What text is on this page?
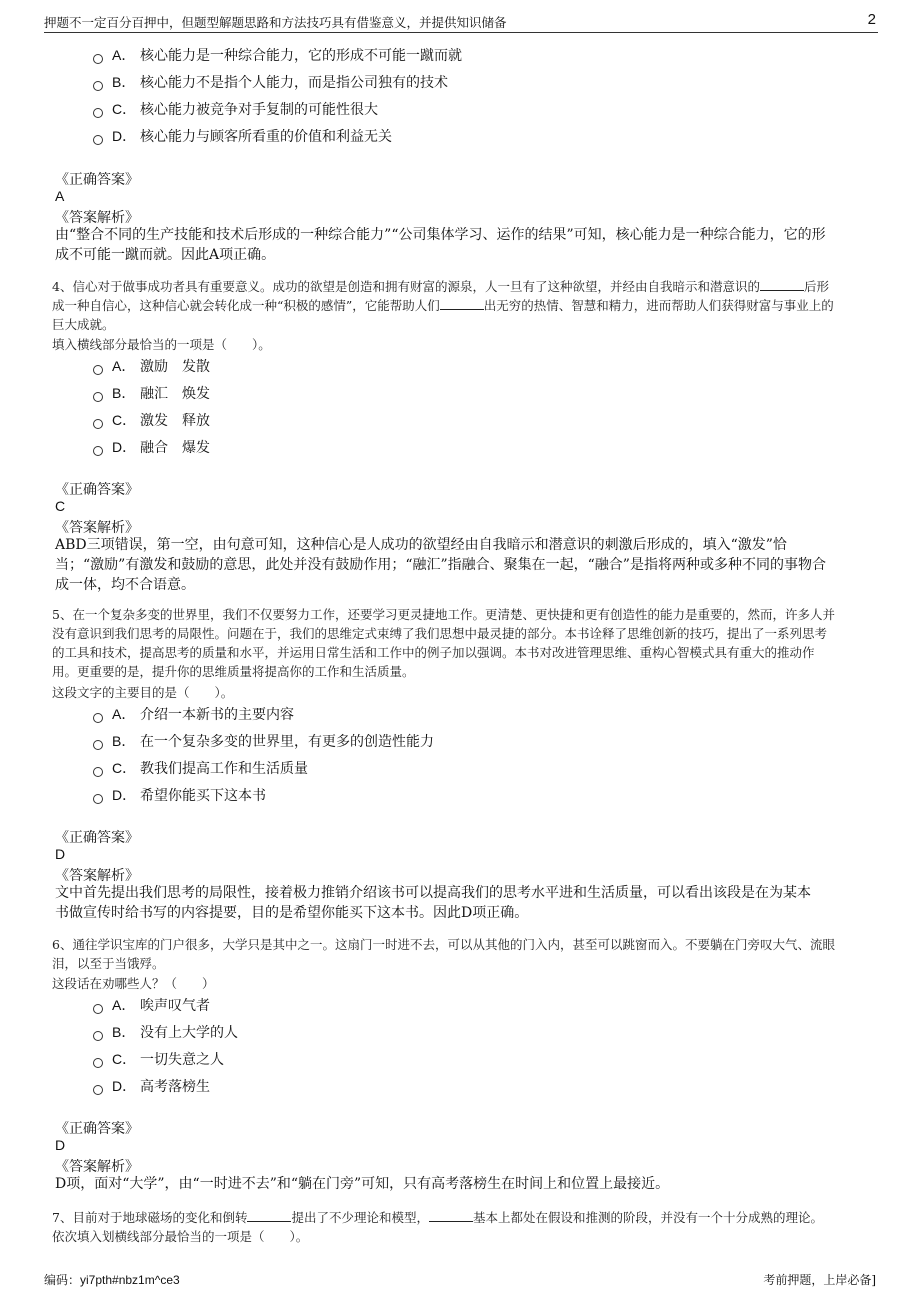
押题不一定百分百押中，但题型解题思路和方法技巧具有借鉴意义，并提供知识储备	2
A． 核心能力是一种综合能力，它的形成不可能一蹴而就
B． 核心能力不是指个人能力，而是指公司独有的技术
C． 核心能力被竞争对手复制的可能性很大
D． 核心能力与顾客所看重的价值和利益无关
《正确答案》
A
《答案解析》
由“整合不同的生产技能和技术后形成的一种综合能力”“公司集体学习、运作的结果”可知，核心能力是一种综合能力，它的形
成不可能一蹴而就。因此A项正确。
4、信心对于做事成功者具有重要意义。成功的欲望是创造和拥有财富的源泉，人一旦有了这种欲望，并经由自我暗示和潜意识的	后形
成一种自信心，这种信心就会转化成一种“积极的感情”，它能帮助人们	出无穷的热情、智慧和精力，进而帮助人们获得财富与事业上的
巨大成就。
填入横线部分最恰当的一项是（　　）。
A． 激励　发散
B． 融汇　焕发
C． 激发　释放
D． 融合　爆发
《正确答案》
C
《答案解析》
ABD三项错误，第一空，由句意可知，这种信心是人成功的欲望经由自我暗示和潜意识的刺激后形成的，填入“激发”恰
当；“激励”有激发和鼓励的意思，此处并没有鼓励作用；“融汇”指融合、聚集在一起，“融合”是指将两种或多种不同的事物合
成一体，均不合语意。
5、在一个复杂多变的世界里，我们不仅要努力工作，还要学习更灵捷地工作。更清楚、更快捷和更有创造性的能力是重要的，然而，许多人并
没有意识到我们思考的局限性。问题在于，我们的思维定式束缚了我们思想中最灵捷的部分。本书诠释了思维创新的技巧，提出了一系列思考
的工具和技术，提高思考的质量和水平，并运用日常生活和工作中的例子加以强调。本书对改进管理思维、重构心智模式具有重大的推动作
用。更重要的是，提升你的思维质量将提高你的工作和生活质量。
这段文字的主要目的是（　　）。
A． 介绍一本新书的主要内容
B． 在一个复杂多变的世界里，有更多的创造性能力
C． 教我们提高工作和生活质量
D． 希望你能买下这本书
《正确答案》
D
《答案解析》
文中首先提出我们思考的局限性，接着极力推销介绍该书可以提高我们的思考水平进和生活质量，可以看出该段是在为某本
书做宣传时给书写的内容提要，目的是希望你能买下这本书。因此D项正确。
6、通往学识宝库的门户很多，大学只是其中之一。这扇门一时进不去，可以从其他的门入内，甚至可以跳窗而入。不要躺在门旁叹大气、流眼
泪，以至于当饿殍。
这段话在劝哪些人？（　　）
A． 唉声叹气者
B． 没有上大学的人
C． 一切失意之人
D． 高考落榜生
《正确答案》
D
《答案解析》
D项，面对“大学”，由“一时进不去”和“躺在门旁”可知，只有高考落榜生在时间上和位置上最接近。
7、目前对于地球磁场的变化和倒转	提出了不少理论和模型，	基本上都处在假设和推测的阶段，并没有一个十分成熟的理论。
依次填入划横线部分最恰当的一项是（　　）。
编码：yi7pth#nbz1m^ce3	考前押题，上岸必备]
